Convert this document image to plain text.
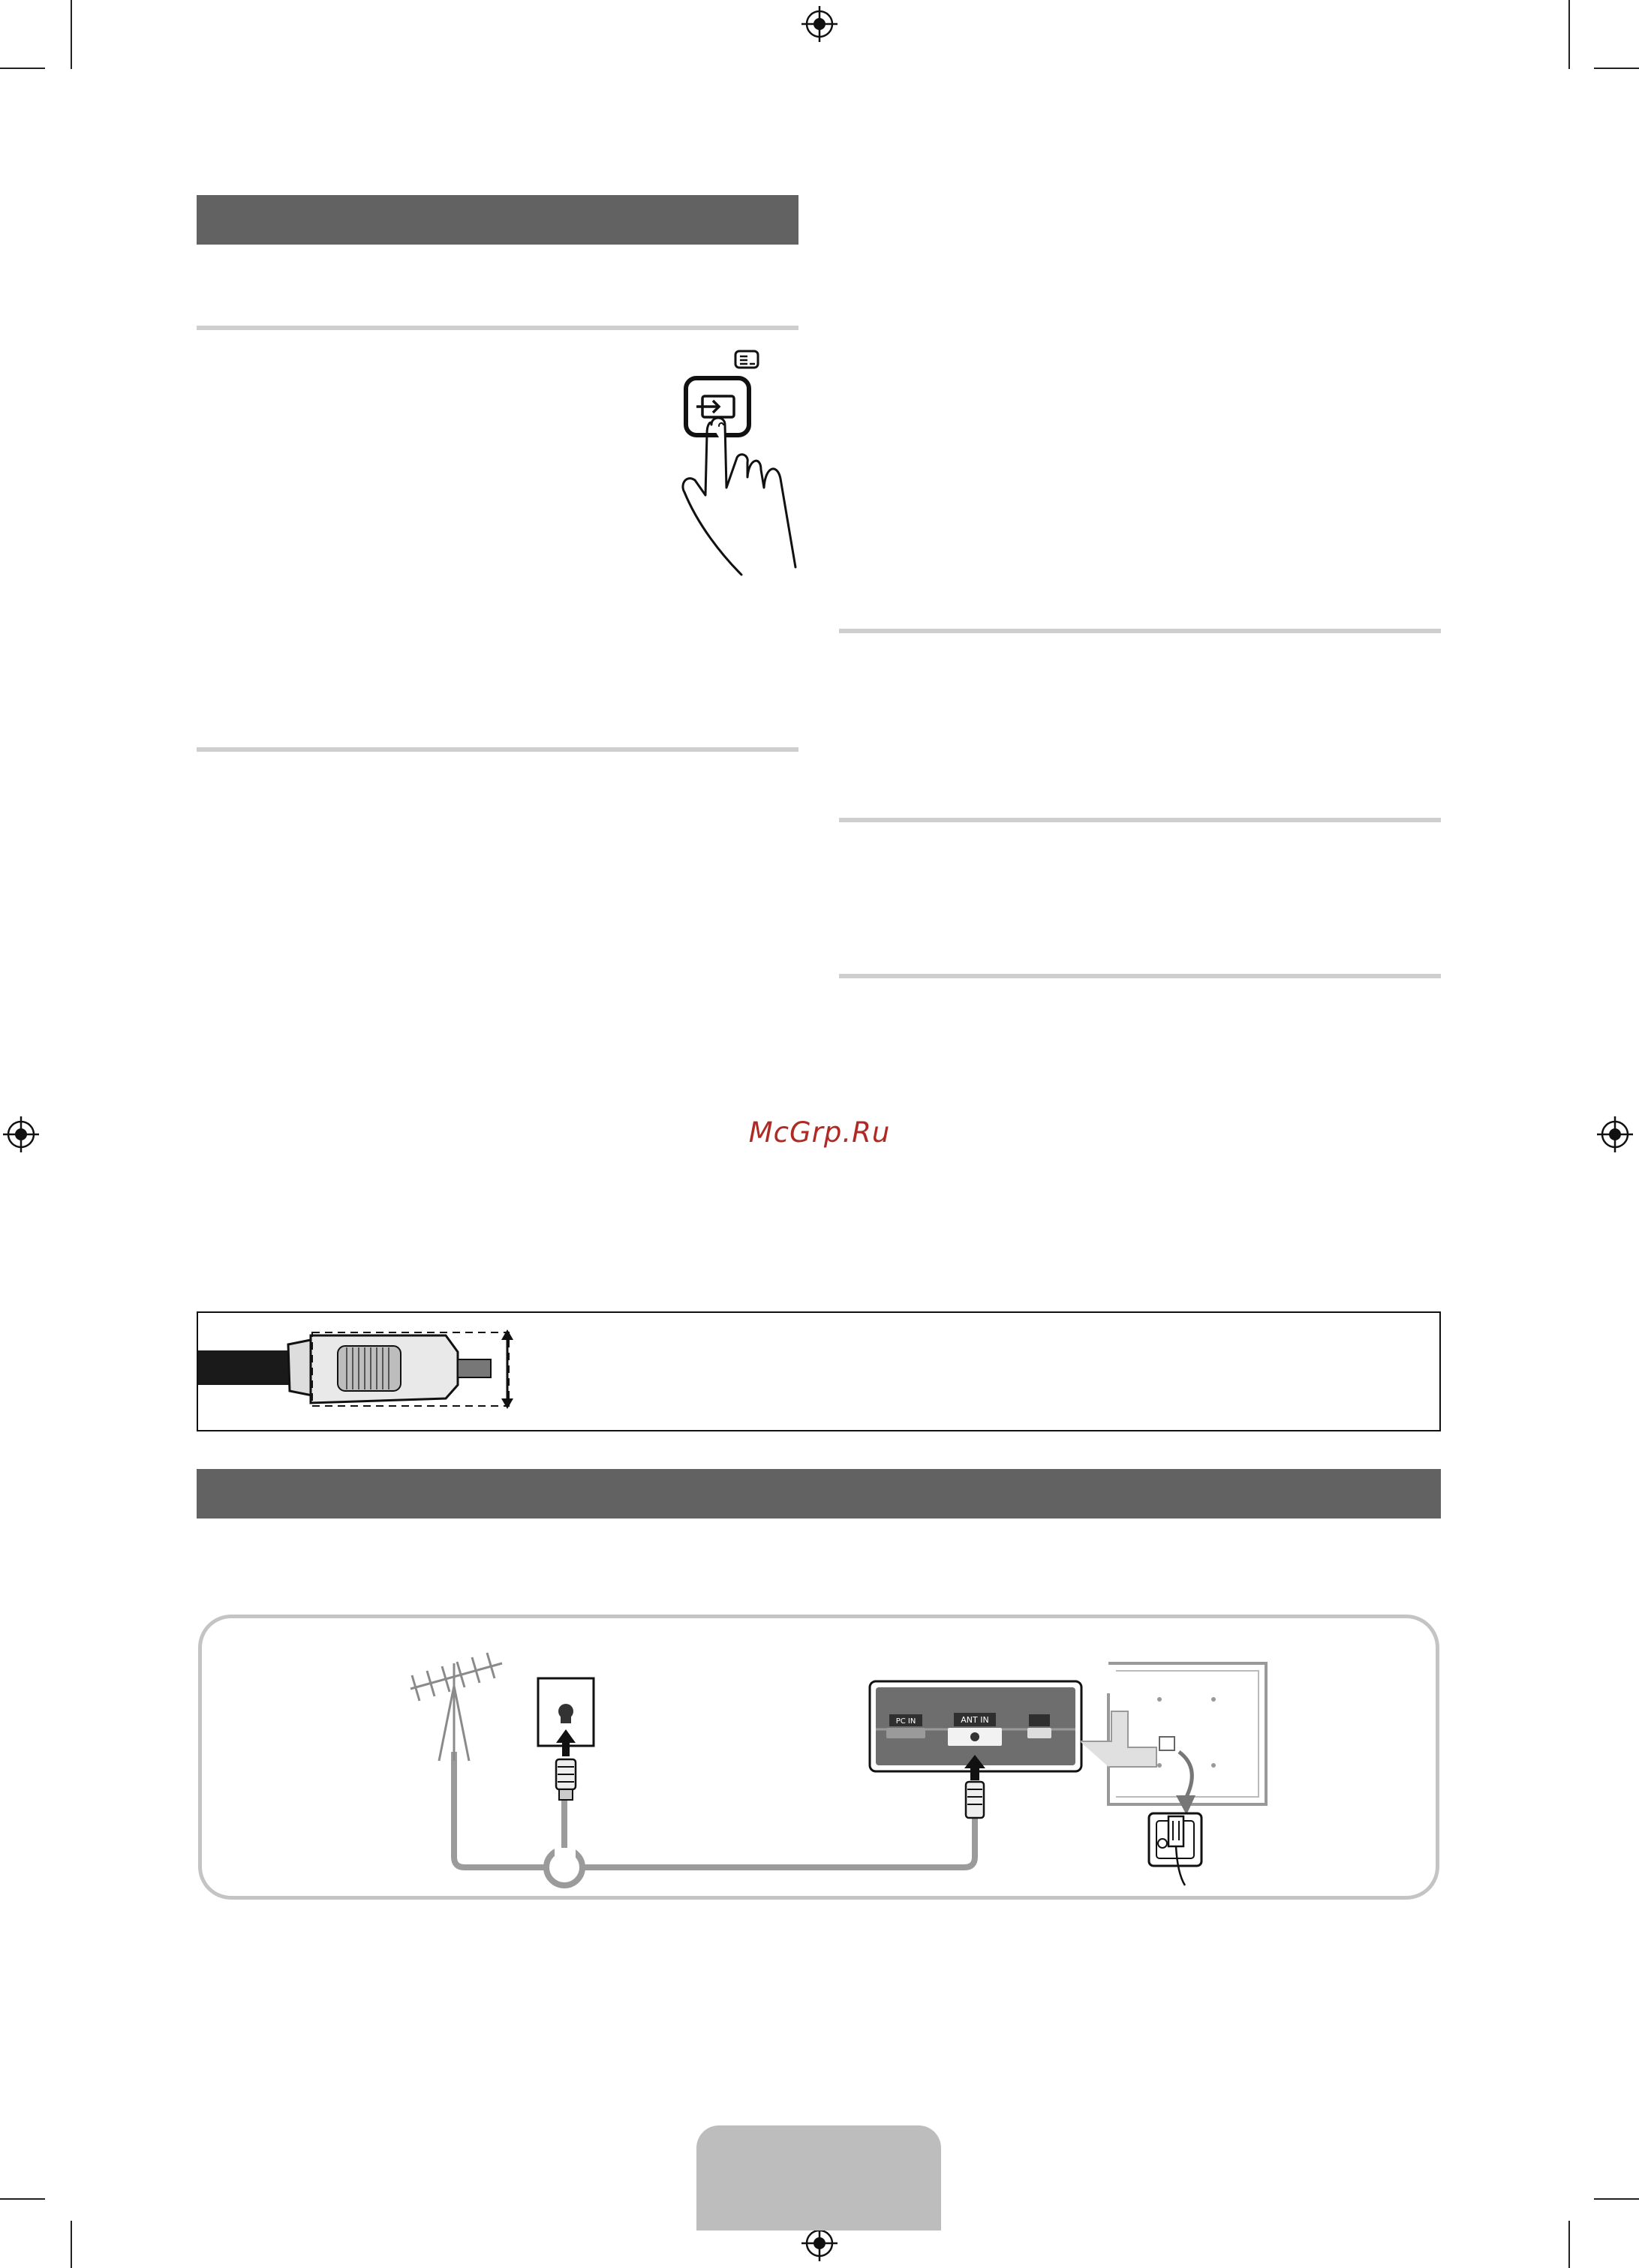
McGrp.Ru
PC IN	ANT IN
